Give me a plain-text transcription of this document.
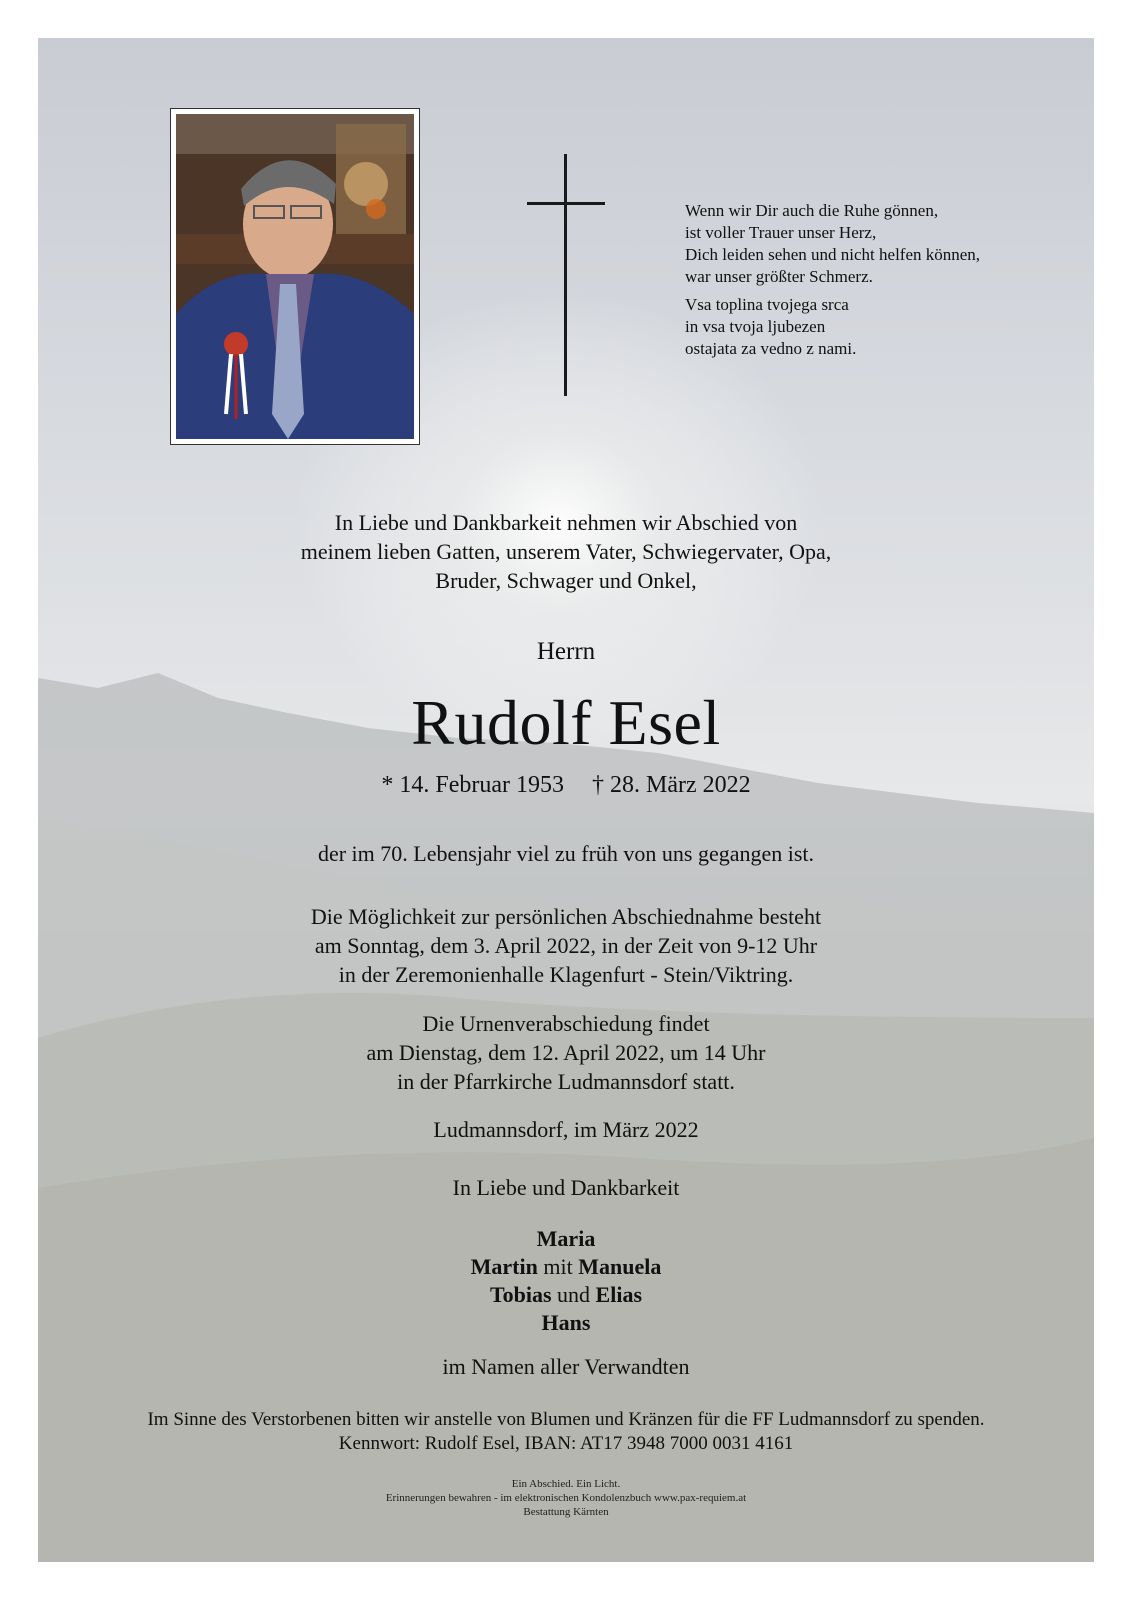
Wenn wir Dir auch die Ruhe gönnen,
ist voller Trauer unser Herz,
Dich leiden sehen und nicht helfen können,
war unser größter Schmerz.

Vsa toplina tvojega srca
in vsa tvoja ljubezen
ostajata za vedno z nami.

In Liebe und Dankbarkeit nehmen wir Abschied von
meinem lieben Gatten, unserem Vater, Schwiegervater, Opa,
Bruder, Schwager und Onkel,
Herrn
Rudolf Esel
* 14. Februar 1953 † 28. März 2022
der im 70. Lebensjahr viel zu früh von uns gegangen ist.
Die Möglichkeit zur persönlichen Abschiednahme besteht
am Sonntag, dem 3. April 2022, in der Zeit von 9-12 Uhr
in der Zeremonienhalle Klagenfurt - Stein/Viktring.
Die Urnenverabschiedung findet
am Dienstag, dem 12. April 2022, um 14 Uhr
in der Pfarrkirche Ludmannsdorf statt.
Ludmannsdorf, im März 2022
In Liebe und Dankbarkeit
Maria
Martin mit Manuela
Tobias und Elias
Hans
im Namen aller Verwandten
Im Sinne des Verstorbenen bitten wir anstelle von Blumen und Kränzen für die FF Ludmannsdorf zu spenden.
Kennwort: Rudolf Esel, IBAN: AT17 3948 7000 0031 4161
Ein Abschied. Ein Licht.
Erinnerungen bewahren - im elektronischen Kondolenzbuch www.pax-requiem.at
Bestattung Kärnten
